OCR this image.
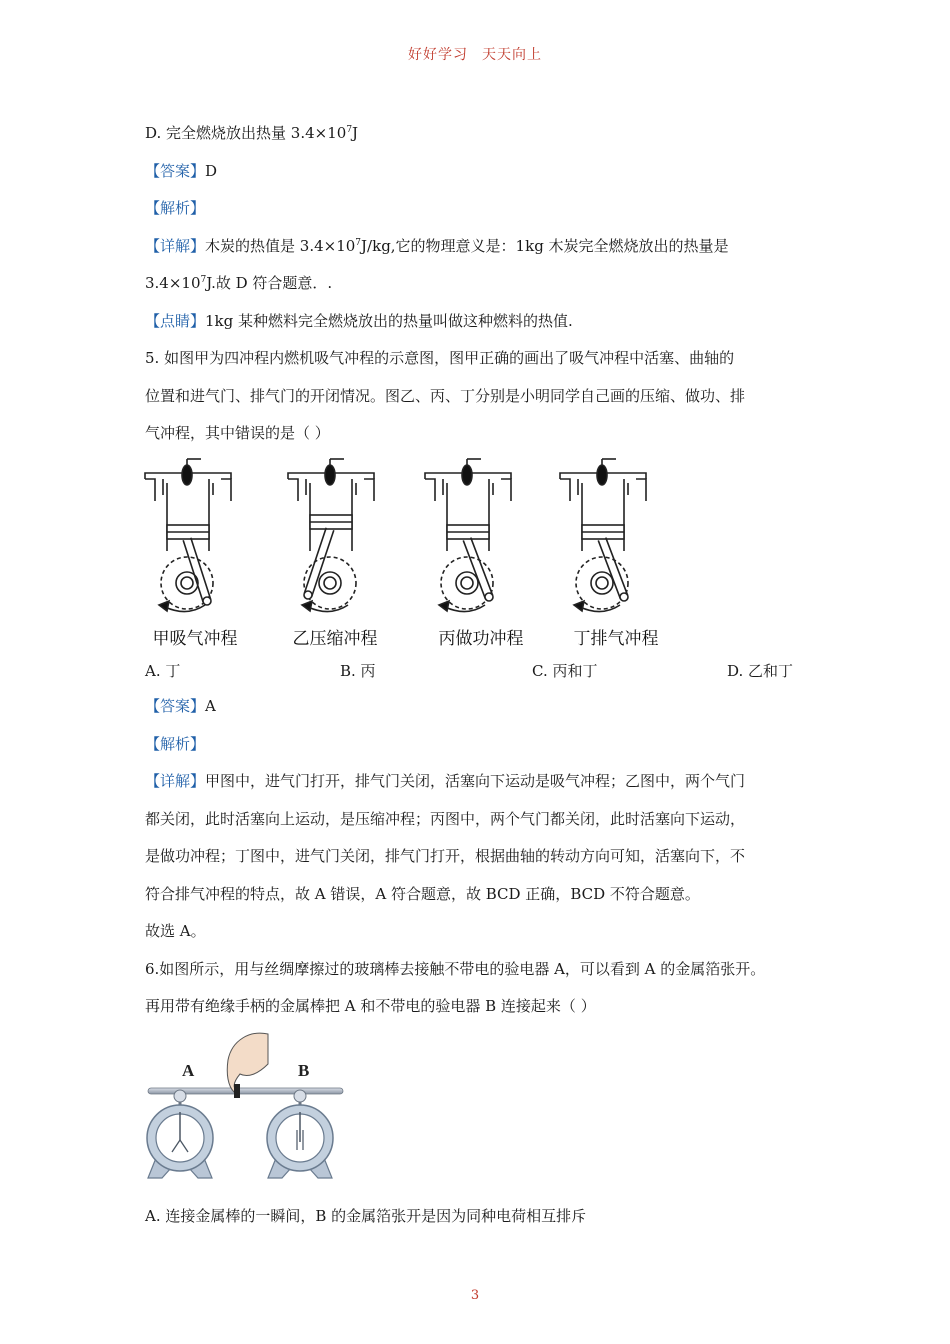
好好学习 天天向上
D. 完全燃烧放出热量 $3.4\times 10^7J$
【答案】D
【解析】
【详解】木炭的热值是 $3.4\times 10^7J/kg$,它的物理意义是：1kg 木炭完全燃烧放出的热量是
$3.4\times 10^7J$.故 D 符合题意．.
【点睛】1kg 某种燃料完全燃烧放出的热量叫做这种燃料的热值.
5. 如图甲为四冲程内燃机吸气冲程的示意图，图甲正确的画出了吸气冲程中活塞、曲轴的
位置和进气门、排气门的开闭情况。图乙、丙、丁分别是小明同学自己画的压缩、做功、排
气冲程，其中错误的是（ ）
甲吸气冲程	乙压缩冲程	丙做功冲程	丁排气冲程
A. 丁	B. 丙	C. 丙和丁	D. 乙和丁
【答案】A
【解析】
【详解】甲图中，进气门打开，排气门关闭，活塞向下运动是吸气冲程；乙图中，两个气门
都关闭，此时活塞向上运动，是压缩冲程；丙图中，两个气门都关闭，此时活塞向下运动，
是做功冲程；丁图中，进气门关闭，排气门打开，根据曲轴的转动方向可知，活塞向下，不
符合排气冲程的特点，故 A 错误，A 符合题意，故 BCD 正确，BCD 不符合题意。
故选 A。
6.如图所示，用与丝绸摩擦过的玻璃棒去接触不带电的验电器 A，可以看到 A 的金属箔张开。
再用带有绝缘手柄的金属棒把 A 和不带电的验电器 B 连接起来（ ）
A	B
A. 连接金属棒的一瞬间，B 的金属箔张开是因为同种电荷相互排斥
3
